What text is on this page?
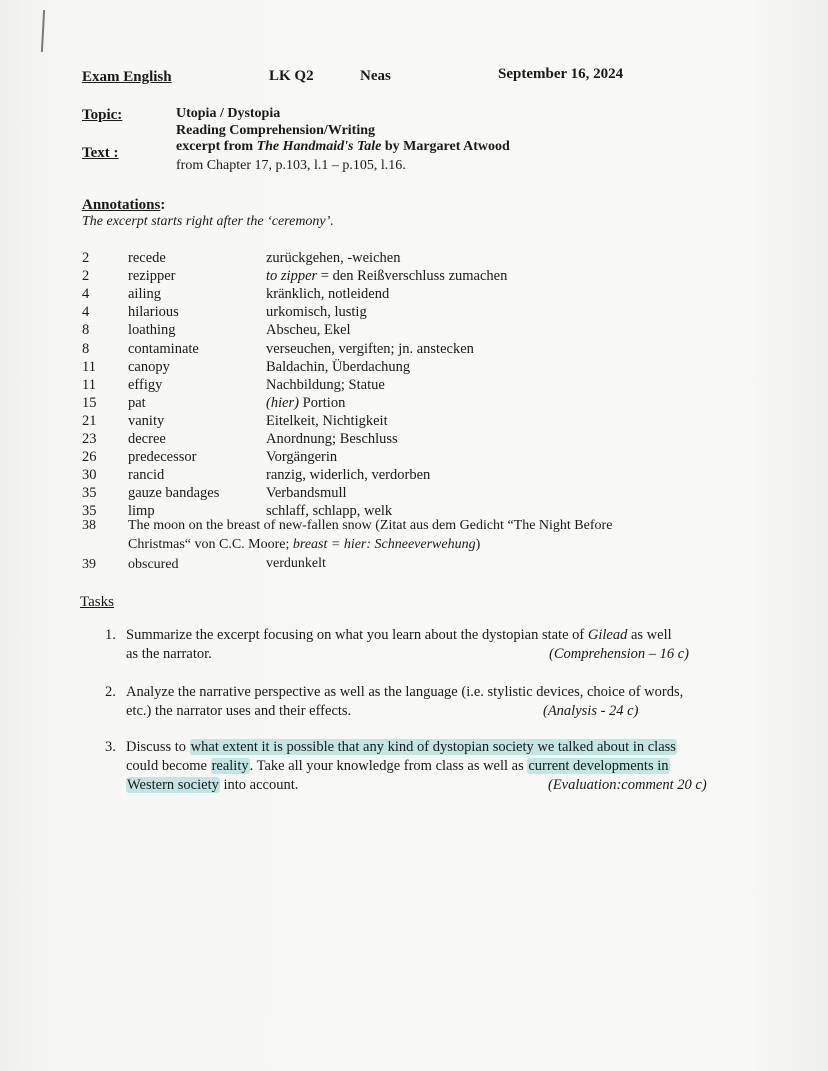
Exam English	LK Q2	Neas	September 16, 2024
Topic:	Utopia / Dystopia
Reading Comprehension/Writing
Text :	excerpt from The Handmaid's Tale by Margaret Atwood
from Chapter 17, p.103, l.1 – p.105, l.16.
Annotations:
The excerpt starts right after the ‘ceremony’.
2	recede	zurückgehen, -weichen
2	rezipper	to zipper = den Reißverschluss zumachen
4	ailing	kränklich, notleidend
4	hilarious	urkomisch, lustig
8	loathing	Abscheu, Ekel
8	contaminate	verseuchen, vergiften; jn. anstecken
11 canopy	Baldachin, Überdachung
11 effigy	Nachbildung; Statue
15 pat	(hier) Portion
21 vanity	Eitelkeit, Nichtigkeit
23 decree	Anordnung; Beschluss
26 predecessor	Vorgängerin
30 rancid	ranzig, widerlich, verdorben
35 gauze bandages	Verbandsmull
35 limp	schlaff, schlapp, welk
38 The moon on the breast of new-fallen snow (Zitat aus dem Gedicht “The Night Before
Christmas“ von C.C. Moore; breast = hier: Schneeverwehung)
39 obscured	verdunkelt
Tasks
1. Summarize the excerpt focusing on what you learn about the dystopian state of Gilead as well
as the narrator.	(Comprehension – 16 c)
2. Analyze the narrative perspective as well as the language (i.e. stylistic devices, choice of words,
etc.) the narrator uses and their effects.	(Analysis - 24 c)
3. Discuss to what extent it is possible that any kind of dystopian society we talked about in class
could become reality. Take all your knowledge from class as well as current developments in
Western society into account.	(Evaluation:comment 20 c)
